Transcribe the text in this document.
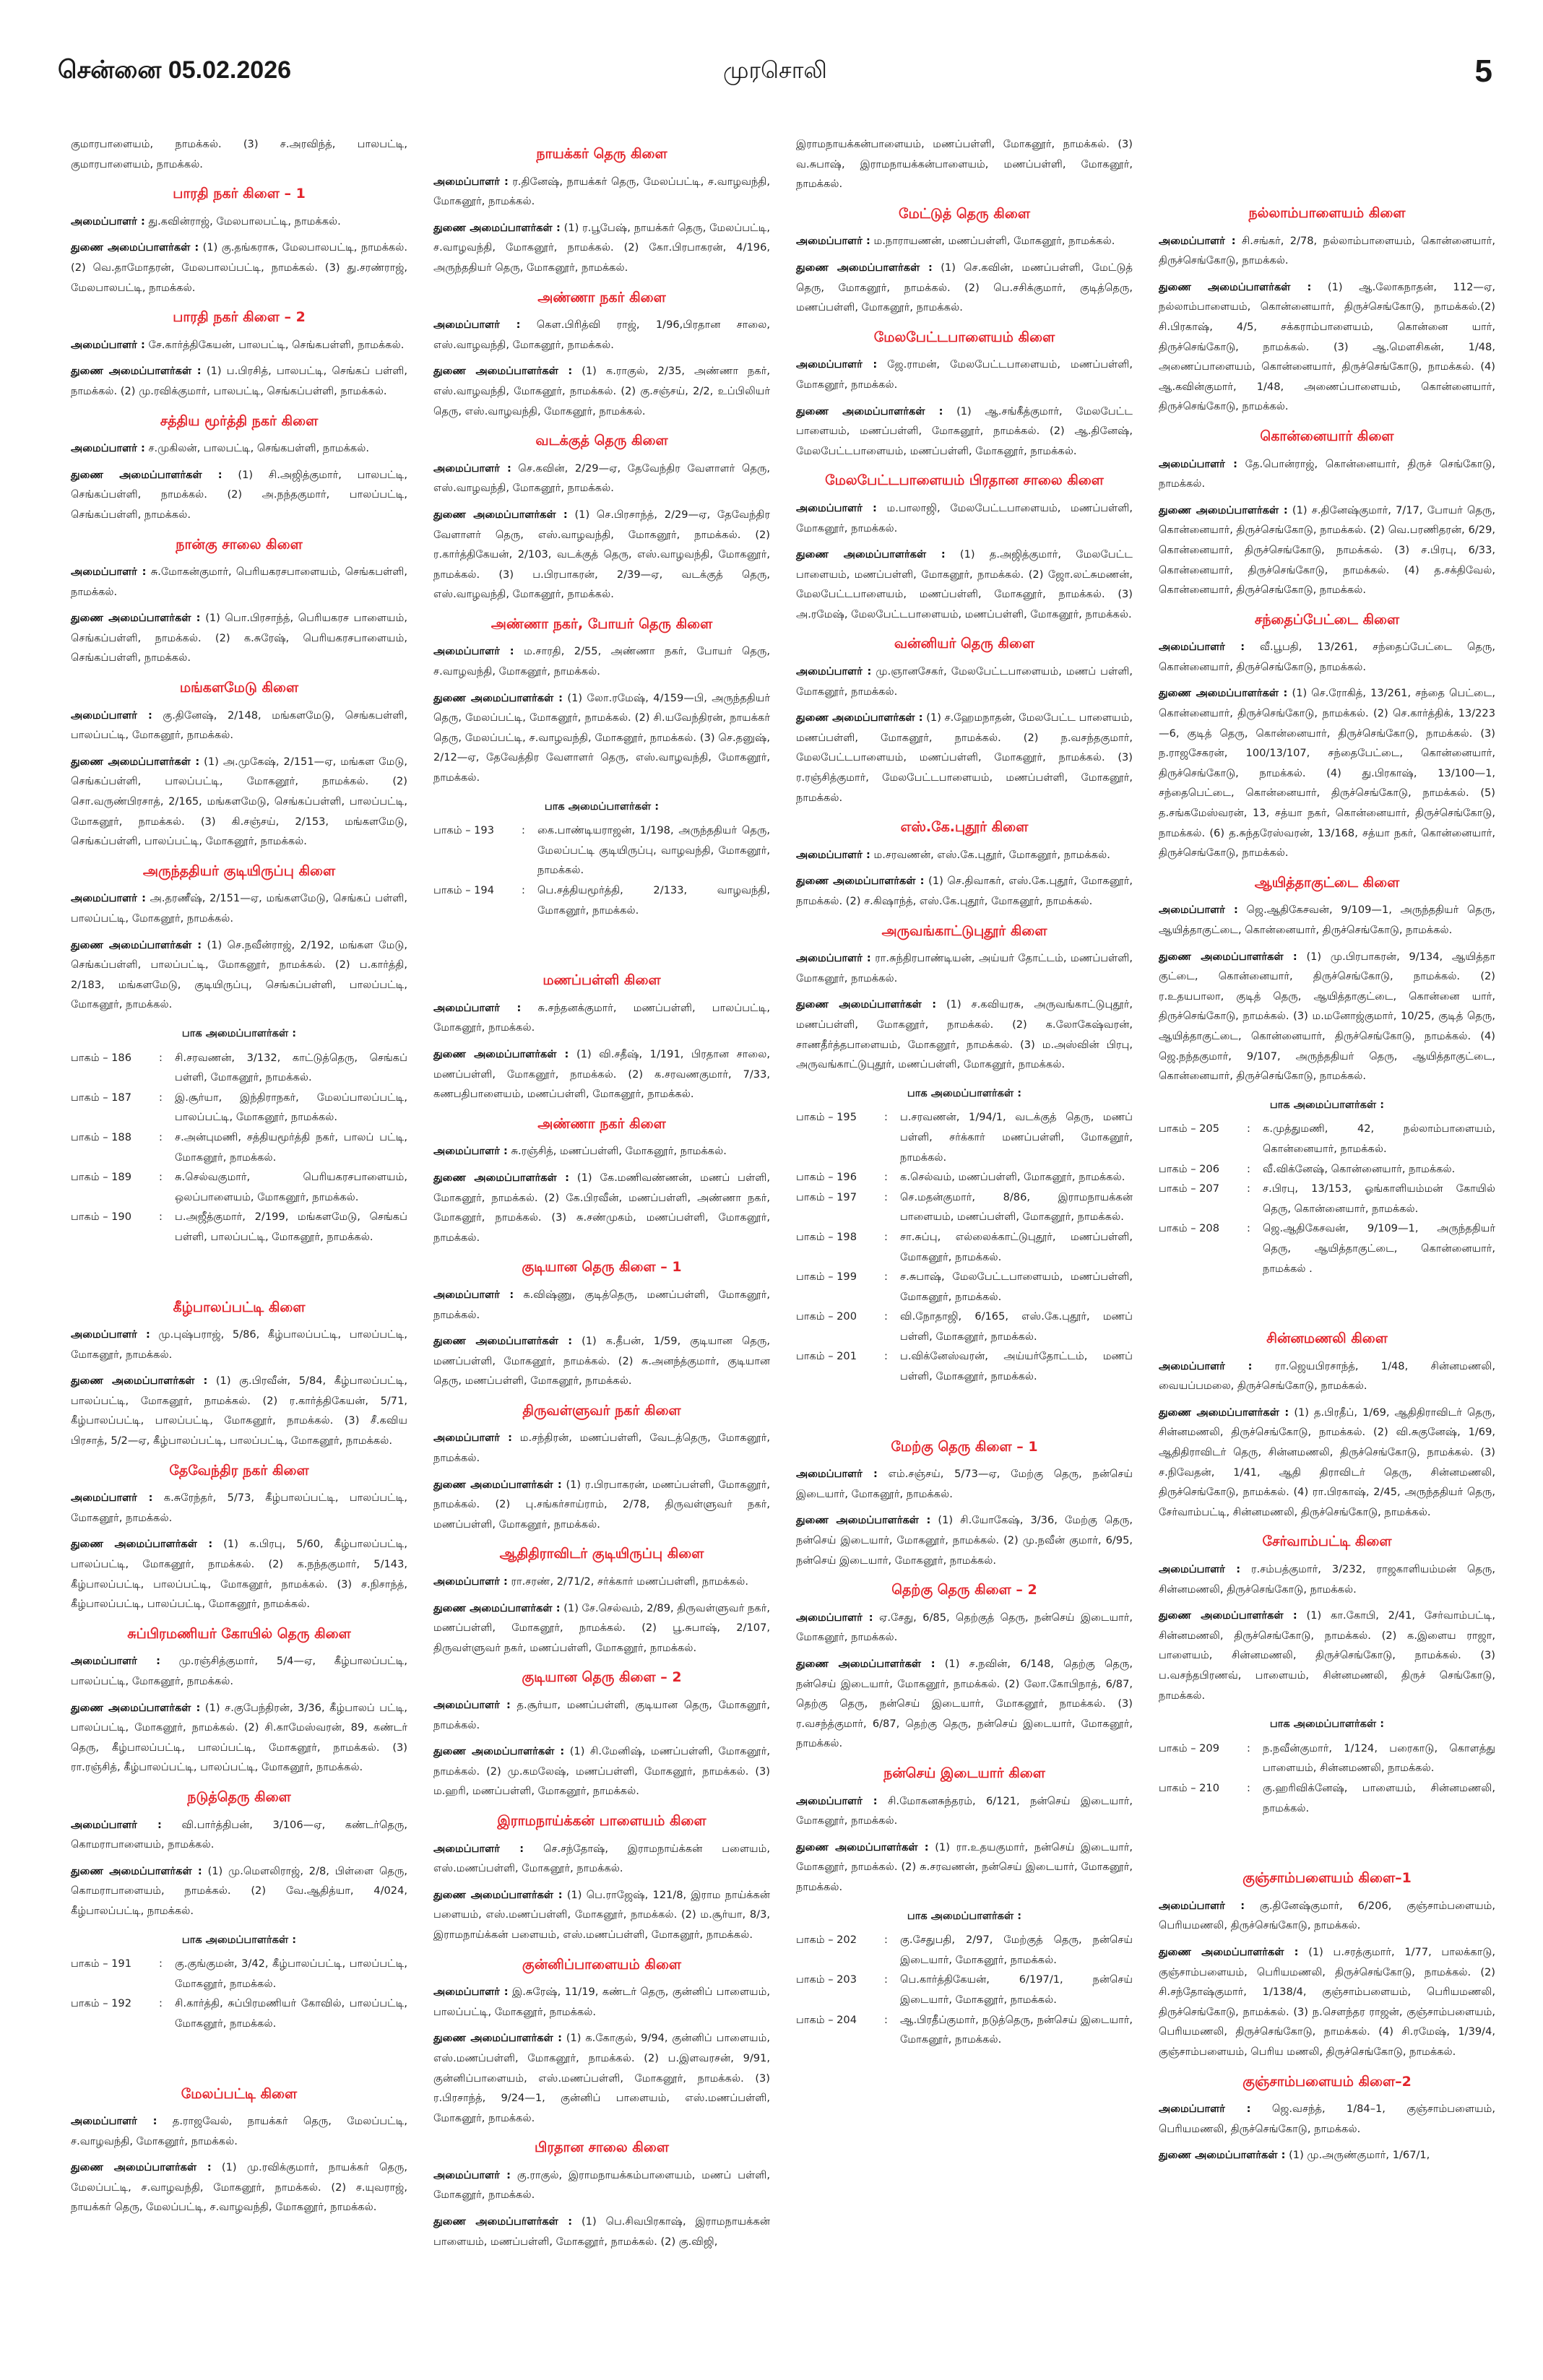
சென்னை 05.02.2026	முரசொலி	5

குமாரபாளையம், நாமக்கல். (3) ச.அரவிந்த், பாலபட்டி, குமாரபாளையம், நாமக்கல்.

பாரதி நகர் கிளை – 1

அமைப்பாளர் : து.கவின்ராஜ், மேலபாலபட்டி, நாமக்கல்.

துணை அமைப்பாளர்கள் : (1) கு.தங்கராசு, மேலபாலபட்டி, நாமக்கல். (2) வெ.தாமோதரன், மேலபாலப்பட்டி, நாமக்கல். (3) து.சரண்ராஜ், மேலபாலபட்டி, நாமக்கல்.

பாரதி நகர் கிளை – 2

அமைப்பாளர் : சே.கார்த்திகேயன், பாலபட்டி, செங்கபள்ளி, நாமக்கல்.

துணை அமைப்பாளர்கள் : (1) ப.பிரசித், பாலபட்டி, செங்கப் பள்ளி, நாமக்கல். (2) மு.ரவிக்குமார், பாலபட்டி, செங்கப்பள்ளி, நாமக்கல்.

சத்திய மூர்த்தி நகர் கிளை

அமைப்பாளர் : ச.முகிலன், பாலபட்டி, செங்கபள்ளி, நாமக்கல்.

துணை அமைப்பாளர்கள் : (1) சி.அஜித்குமார், பாலபட்டி, செங்கப்பள்ளி, நாமக்கல். (2) அ.நந்தகுமார், பாலப்பட்டி, செங்கப்பள்ளி, நாமக்கல்.

நான்கு சாலை கிளை

அமைப்பாளர் : சு.மோகன்குமார், பெரியகரசபாளையம், செங்கபள்ளி, நாமக்கல்.

துணை அமைப்பாளர்கள் : (1) பொ.பிரசாந்த், பெரியகரச பாளையம், செங்கப்பள்ளி, நாமக்கல். (2) க.சுரேஷ், பெரியகரசபாளையம், செங்கப்பள்ளி, நாமக்கல்.

மங்களமேடு கிளை

அமைப்பாளர் : கு.தினேஷ், 2/148, மங்களமேடு, செங்கபள்ளி, பாலப்பட்டி, மோகனூர், நாமக்கல்.

துணை அமைப்பாளர்கள் : (1) அ.முகேஷ், 2/151—ஏ, மங்கள மேடு, செங்கப்பள்ளி, பாலப்பட்டி, மோகனூர், நாமக்கல். (2) சொ.வருண்பிரசாத், 2/165, மங்களமேடு, செங்கப்பள்ளி, பாலப்பட்டி, மோகனூர், நாமக்கல். (3) கி.சஞ்சய், 2/153, மங்களமேடு, செங்கப்பள்ளி, பாலப்பட்டி, மோகனூர், நாமக்கல்.

அருந்ததியர் குடியிருப்பு கிளை

அமைப்பாளர் : அ.தரணீஷ், 2/151—ஏ, மங்களமேடு, செங்கப் பள்ளி, பாலப்பட்டி, மோகனூர், நாமக்கல்.

துணை அமைப்பாளர்கள் : (1) செ.நவீன்ராஜ், 2/192, மங்கள மேடு, செங்கப்பள்ளி, பாலப்பட்டி, மோகனூர், நாமக்கல். (2) ப.கார்த்தி, 2/183, மங்களமேடு, குடியிருப்பு, செங்கப்பள்ளி, பாலப்பட்டி, மோகனூர், நாமக்கல்.

பாக அமைப்பாளர்கள் :
பாகம் – 186	:	சி.சரவணன், 3/132, காட்டுத்தெரு, செங்கப் பள்ளி, மோகனூர், நாமக்கல்.
பாகம் – 187	:	இ.சூர்யா, இந்திராநகர், மேலப்பாலப்பட்டி, பாலப்பட்டி, மோகனூர், நாமக்கல்.
பாகம் – 188	:	ச.அன்புமணி, சத்தியமூர்த்தி நகர், பாலப் பட்டி, மோகனூர், நாமக்கல்.
பாகம் – 189	:	சு.செல்வகுமார், பெரியகரசபாளையம், ஒலப்பாளையம், மோகனூர், நாமக்கல்.
பாகம் – 190	:	ப.அஜீத்குமார், 2/199, மங்களமேடு, செங்கப் பள்ளி, பாலப்பட்டி, மோகனூர், நாமக்கல்.
கீழ்பாலப்பட்டி கிளை

அமைப்பாளர் : மு.புஷ்பராஜ், 5/86, கீழ்பாலப்பட்டி, பாலப்பட்டி, மோகனூர், நாமக்கல்.

துணை அமைப்பாளர்கள் : (1) கு.பிரவீன், 5/84, கீழ்பாலப்பட்டி, பாலப்பட்டி, மோகனூர், நாமக்கல். (2) ர.கார்த்திகேயன், 5/71, கீழ்பாலப்பட்டி, பாலப்பட்டி, மோகனூர், நாமக்கல். (3) சீ.கவிய பிரசாத், 5/2—ஏ, கீழ்பாலப்பட்டி, பாலப்பட்டி, மோகனூர், நாமக்கல்.

தேவேந்திர நகர் கிளை

அமைப்பாளர் : க.சுரேந்தர், 5/73, கீழ்பாலப்பட்டி, பாலப்பட்டி, மோகனூர், நாமக்கல்.

துணை அமைப்பாளர்கள் : (1) க.பிரபு, 5/60, கீழ்பாலப்பட்டி, பாலப்பட்டி, மோகனூர், நாமக்கல். (2) க.நந்தகுமார், 5/143, கீழ்பாலப்பட்டி, பாலப்பட்டி, மோகனூர், நாமக்கல். (3) ச.நிசாந்த், கீழ்பாலப்பட்டி, பாலப்பட்டி, மோகனூர், நாமக்கல்.

சுப்பிரமணியர் கோயில் தெரு கிளை

அமைப்பாளர் : மு.ரஞ்சித்குமார், 5/4—ஏ, கீழ்பாலப்பட்டி, பாலப்பட்டி, மோகனூர், நாமக்கல்.

துணை அமைப்பாளர்கள் : (1) ச.குபேந்திரன், 3/36, கீழ்பாலப் பட்டி, பாலப்பட்டி, மோகனூர், நாமக்கல். (2) சி.காமேஸ்வரன், 89, கண்டர் தெரு, கீழ்பாலப்பட்டி, பாலப்பட்டி, மோகனூர், நாமக்கல். (3) ரா.ரஞ்சித், கீழ்பாலப்பட்டி, பாலப்பட்டி, மோகனூர், நாமக்கல்.

நடுத்தெரு கிளை

அமைப்பாளர் : வி.பார்த்திபன், 3/106—ஏ, கண்டர்தெரு, கொமராபாளையம், நாமக்கல்.

துணை அமைப்பாளர்கள் : (1) மு.மௌலிராஜ், 2/8, பிள்ளை தெரு, கொமராபாளையம், நாமக்கல். (2) வே.ஆதித்யா, 4/024, கீழ்பாலப்பட்டி, நாமக்கல்.

பாக அமைப்பாளர்கள் :
பாகம் – 191	:	கு.குங்குமன், 3/42, கீழ்பாலப்பட்டி, பாலப்பட்டி, மோகனூர், நாமக்கல்.
பாகம் – 192	:	சி.கார்த்தி, சுப்பிரமணியர் கோவில், பாலப்பட்டி, மோகனூர், நாமக்கல்.
மேலப்பட்டி கிளை

அமைப்பாளர் : த.ராஜவேல், நாயக்கர் தெரு, மேலப்பட்டி, ச.வாழவந்தி, மோகனூர், நாமக்கல்.

துணை அமைப்பாளர்கள் : (1) மு.ரவிக்குமார், நாயக்கர் தெரு, மேலப்பட்டி, ச.வாழவந்தி, மோகனூர், நாமக்கல். (2) ச.யுவராஜ், நாயக்கர் தெரு, மேலப்பட்டி, ச.வாழவந்தி, மோகனூர், நாமக்கல்.

நாயக்கர் தெரு கிளை

அமைப்பாளர் : ர.தினேஷ், நாயக்கர் தெரு, மேலப்பட்டி, ச.வாழவந்தி, மோகனூர், நாமக்கல்.

துணை அமைப்பாளர்கள் : (1) ர.பூபேஷ், நாயக்கர் தெரு, மேலப்பட்டி, ச.வாழவந்தி, மோகனூர், நாமக்கல். (2) கோ.பிரபாகரன், 4/196, அருந்ததியர் தெரு, மோகனூர், நாமக்கல்.

அண்ணா நகர் கிளை

அமைப்பாளர் : கௌ.பிரித்வி ராஜ், 1/96,பிரதான சாலை, எஸ்.வாழவந்தி, மோகனூர், நாமக்கல்.

துணை அமைப்பாளர்கள் : (1) க.ராகுல், 2/35, அண்ணா நகர், எஸ்.வாழவந்தி, மோகனூர், நாமக்கல். (2) கு.சஞ்சய், 2/2, உப்பிலியர் தெரு, எஸ்.வாழவந்தி, மோகனூர், நாமக்கல்.

வடக்குத் தெரு கிளை

அமைப்பாளர் : செ.கவின், 2/29—ஏ, தேவேந்திர வேளாளர் தெரு, எஸ்.வாழவந்தி, மோகனூர், நாமக்கல்.

துணை அமைப்பாளர்கள் : (1) செ.பிரசாந்த், 2/29—ஏ, தேவேந்திர வேளாளர் தெரு, எஸ்.வாழவந்தி, மோகனூர், நாமக்கல். (2) ர.கார்த்திகேயன், 2/103, வடக்குத் தெரு, எஸ்.வாழவந்தி, மோகனூர், நாமக்கல். (3) ப.பிரபாகரன், 2/39—ஏ, வடக்குத் தெரு, எஸ்.வாழவந்தி, மோகனூர், நாமக்கல்.

அண்ணா நகர், போயர் தெரு கிளை

அமைப்பாளர் : ம.சாரதி, 2/55, அண்ணா நகர், போயர் தெரு, ச.வாழவந்தி, மோகனூர், நாமக்கல்.

துணை அமைப்பாளர்கள் : (1) லோ.ரமேஷ், 4/159—பி, அருந்ததியர் தெரு, மேலப்பட்டி, மோகனூர், நாமக்கல். (2) சி.யவேந்திரன், நாயக்கர் தெரு, மேலப்பட்டி, ச.வாழவந்தி, மோகனூர், நாமக்கல். (3) செ.தனுஷ், 2/12—ஏ, தேவேத்திர வேளாளர் தெரு, எஸ்.வாழவந்தி, மோகனூர், நாமக்கல்.

பாக அமைப்பாளர்கள் :
பாகம் – 193	:	கை.பாண்டியராஜன், 1/198, அருந்ததியர் தெரு, மேலப்பட்டி குடியிருப்பு, வாழவந்தி, மோகனூர், நாமக்கல்.
பாகம் – 194	:	பெ.சத்தியமூர்த்தி, 2/133, வாழவந்தி, மோகனூர், நாமக்கல்.
மணப்பள்ளி கிளை

அமைப்பாளர் : சு.சந்தனக்குமார், மணப்பள்ளி, பாலப்பட்டி, மோகனூர், நாமக்கல்.

துணை அமைப்பாளர்கள் : (1) வி.சதீஷ், 1/191, பிரதான சாலை, மணப்பள்ளி, மோகனூர், நாமக்கல். (2) க.சரவணகுமார், 7/33, கணபதிபாளையம், மணப்பள்ளி, மோகனூர், நாமக்கல்.

அண்ணா நகர் கிளை

அமைப்பாளர் : சு.ரஞ்சித், மணப்பள்ளி, மோகனூர், நாமக்கல்.

துணை அமைப்பாளர்கள் : (1) கே.மணிவண்ணன், மணப் பள்ளி, மோகனூர், நாமக்கல். (2) கே.பிரவீன், மணப்பள்ளி, அண்ணா நகர், மோகனூர், நாமக்கல். (3) சு.சண்முகம், மணப்பள்ளி, மோகனூர், நாமக்கல்.

குடியான தெரு கிளை – 1

அமைப்பாளர் : க.விஷ்ணு, குடித்தெரு, மணப்பள்ளி, மோகனூர், நாமக்கல்.

துணை அமைப்பாளர்கள் : (1) க.தீபன், 1/59, குடியான தெரு, மணப்பள்ளி, மோகனூர், நாமக்கல். (2) சு.அனந்த்குமார், குடியான தெரு, மணப்பள்ளி, மோகனூர், நாமக்கல்.

திருவள்ளுவர் நகர் கிளை

அமைப்பாளர் : ம.சந்திரன், மணப்பள்ளி, வேடத்தெரு, மோகனூர், நாமக்கல்.

துணை அமைப்பாளர்கள் : (1) ர.பிரபாகரன், மணப்பள்ளி, மோகனூர், நாமக்கல். (2) பு.சங்கர்சாய்ராம், 2/78, திருவள்ளுவர் நகர், மணப்பள்ளி, மோகனூர், நாமக்கல்.

ஆதிதிராவிடர் குடியிருப்பு கிளை

அமைப்பாளர் : ரா.சரண், 2/71/2, சர்க்கார் மணப்பள்ளி, நாமக்கல்.

துணை அமைப்பாளர்கள் : (1) சே.செல்வம், 2/89, திருவள்ளுவர் நகர், மணப்பள்ளி, மோகனூர், நாமக்கல். (2) பூ.சுபாஷ், 2/107, திருவள்ளுவர் நகர், மணப்பள்ளி, மோகனூர், நாமக்கல்.

குடியான தெரு கிளை – 2

அமைப்பாளர் : த.சூர்யா, மணப்பள்ளி, குடியான தெரு, மோகனூர், நாமக்கல்.

துணை அமைப்பாளர்கள் : (1) சி.மேனிஷ், மணப்பள்ளி, மோகனூர், நாமக்கல். (2) மு.கமலேஷ், மணப்பள்ளி, மோகனூர், நாமக்கல். (3) ம.ஹரி, மணப்பள்ளி, மோகனூர், நாமக்கல்.

இராமநாய்க்கன் பாளையம் கிளை

அமைப்பாளர் : செ.சந்தோஷ், இராமநாய்க்கன் பளையம், எஸ்.மணப்பள்ளி, மோகனூர், நாமக்கல்.

துணை அமைப்பாளர்கள் : (1) பெ.ராஜேஷ், 121/8, இராம நாய்க்கன் பளையம், எஸ்.மணப்பள்ளி, மோகனூர், நாமக்கல். (2) ம.சூர்யா, 8/3, இராமநாய்க்கன் பளையம், எஸ்.மணப்பள்ளி, மோகனூர், நாமக்கல்.

குன்னிப்பாளையம் கிளை

அமைப்பாளர் : இ.சுரேஷ், 11/19, கண்டர் தெரு, குன்னிப் பாளையம், பாலப்பட்டி, மோகனூர், நாமக்கல்.

துணை அமைப்பாளர்கள் : (1) க.கோகுல், 9/94, குன்னிப் பாளையம், எஸ்.மணப்பள்ளி, மோகனூர், நாமக்கல். (2) ப.இளவரசன், 9/91, குன்னிப்பாளையம், எஸ்.மணப்பள்ளி, மோகனூர், நாமக்கல். (3) ர.பிரசாந்த், 9/24—1, குன்னிப் பாளையம், எஸ்.மணப்பள்ளி, மோகனூர், நாமக்கல்.

பிரதான சாலை கிளை

அமைப்பாளர் : கு.ராகுல், இராமநாயக்கம்பாளையம், மணப் பள்ளி, மோகனூர், நாமக்கல்.

துணை அமைப்பாளர்கள் : (1) பெ.சிவபிரகாஷ், இராமநாயக்கன் பாளையம், மணப்பள்ளி, மோகனூர், நாமக்கல். (2) கு.விஜி,

இராமநாயக்கன்பாளையம், மணப்பள்ளி, மோகனூர், நாமக்கல். (3) வ.சுபாஷ், இராமநாயக்கன்பாளையம், மணப்பள்ளி, மோகனூர், நாமக்கல்.

மேட்டுத் தெரு கிளை

அமைப்பாளர் : ம.நாராயணன், மணப்பள்ளி, மோகனூர், நாமக்கல்.

துணை அமைப்பாளர்கள் : (1) செ.கவின், மணப்பள்ளி, மேட்டுத் தெரு, மோகனூர், நாமக்கல். (2) பெ.சசிக்குமார், குடித்தெரு, மணப்பள்ளி, மோகனூர், நாமக்கல்.

மேலபேட்டபாளையம் கிளை

அமைப்பாளர் : ஜே.ராமன், மேலபேட்டபாளையம், மணப்பள்ளி, மோகனூர், நாமக்கல்.

துணை அமைப்பாளர்கள் : (1) ஆ.சங்கீத்குமார், மேலபேட்ட பாளையம், மணப்பள்ளி, மோகனூர், நாமக்கல். (2) ஆ.தினேஷ், மேலபேட்டபாளையம், மணப்பள்ளி, மோகனூர், நாமக்கல்.

மேலபேட்டபாளையம் பிரதான சாலை கிளை

அமைப்பாளர் : ம.பாலாஜி, மேலபேட்டபாளையம், மணப்பள்ளி, மோகனூர், நாமக்கல்.

துணை அமைப்பாளர்கள் : (1) த.அஜித்குமார், மேலபேட்ட பாளையம், மணப்பள்ளி, மோகனூர், நாமக்கல். (2) ஜோ.லட்சுமணன், மேலபேட்டபாளையம், மணப்பள்ளி, மோகனூர், நாமக்கல். (3) அ.ரமேஷ், மேலபேட்டபாளையம், மணப்பள்ளி, மோகனூர், நாமக்கல்.

வன்னியர் தெரு கிளை

அமைப்பாளர் : மு.ஞானசேகர், மேலபேட்டபாளையம், மணப் பள்ளி, மோகனூர், நாமக்கல்.

துணை அமைப்பாளர்கள் : (1) ச.ஹேமநாதன், மேலபேட்ட பாளையம், மணப்பள்ளி, மோகனூர், நாமக்கல். (2) ந.வசந்தகுமார், மேலபேட்டபாளையம், மணப்பள்ளி, மோகனூர், நாமக்கல். (3) ர.ரஞ்சித்குமார், மேலபேட்டபாளையம், மணப்பள்ளி, மோகனூர், நாமக்கல்.

எஸ்.கே.புதூர் கிளை

அமைப்பாளர் : ம.சரவணன், எஸ்.கே.புதூர், மோகனூர், நாமக்கல்.

துணை அமைப்பாளர்கள் : (1) செ.திவாகர், எஸ்.கே.புதூர், மோகனூர், நாமக்கல். (2) ச.கிஷாந்த், எஸ்.கே.புதூர், மோகனூர், நாமக்கல்.

அருவங்காட்டுபுதூர் கிளை

அமைப்பாளர் : ரா.சுந்திரபாண்டியன், அய்யர் தோட்டம், மணப்பள்ளி, மோகனூர், நாமக்கல்.

துணை அமைப்பாளர்கள் : (1) ச.கவியரசு, அருவங்காட்டுபுதூர், மணப்பள்ளி, மோகனூர், நாமக்கல். (2) க.லோகேஷ்வரன், சாணதீர்த்தபாளையம், மோகனூர், நாமக்கல். (3) ம.அஸ்வின் பிரபு, அருவங்காட்டுபுதூர், மணப்பள்ளி, மோகனூர், நாமக்கல்.

பாக அமைப்பாளர்கள் :
பாகம் – 195	:	ப.சரவணன், 1/94/1, வடக்குத் தெரு, மணப் பள்ளி, சர்க்கார் மணப்பள்ளி, மோகனூர், நாமக்கல்.
பாகம் – 196	:	க.செல்வம், மணப்பள்ளி, மோகனூர், நாமக்கல்.
பாகம் – 197	:	செ.மதன்குமார், 8/86, இராமநாயக்கன் பாளையம், மணப்பள்ளி, மோகனூர், நாமக்கல்.
பாகம் – 198	:	சா.சுப்பு, எல்லைக்காட்டுபுதூர், மணப்பள்ளி, மோகனூர், நாமக்கல்.
பாகம் – 199	:	ச.சுபாஷ், மேலபேட்டபாளையம், மணப்பள்ளி, மோகனூர், நாமக்கல்.
பாகம் – 200	:	வி.நோதாஜி, 6/165, எஸ்.கே.புதூர், மணப் பள்ளி, மோகனூர், நாமக்கல்.
பாகம் – 201	:	ப.விக்னேஸ்வரன், அய்யர்தோட்டம், மணப் பள்ளி, மோகனூர், நாமக்கல்.
மேற்கு தெரு கிளை – 1

அமைப்பாளர் : எம்.சஞ்சய், 5/73—ஏ, மேற்கு தெரு, நன்செய் இடையார், மோகனூர், நாமக்கல்.

துணை அமைப்பாளர்கள் : (1) சி.யோகேஷ், 3/36, மேற்கு தெரு, நன்செய் இடையார், மோகனூர், நாமக்கல். (2) மு.நவீன் குமார், 6/95, நன்செய் இடையார், மோகனூர், நாமக்கல்.

தெற்கு தெரு கிளை – 2

அமைப்பாளர் : ஏ.சேது, 6/85, தெற்குத் தெரு, நன்செய் இடையார், மோகனூர், நாமக்கல்.

துணை அமைப்பாளர்கள் : (1) ச.நவின், 6/148, தெற்கு தெரு, நன்செய் இடையார், மோகனூர், நாமக்கல். (2) லோ.கோபிநாத், 6/87, தெற்கு தெரு, நன்செய் இடையார், மோகனூர், நாமக்கல். (3) ர.வசந்த்குமார், 6/87, தெற்கு தெரு, நன்செய் இடையார், மோகனூர், நாமக்கல்.

நன்செய் இடையார் கிளை

அமைப்பாளர் : சி.மோகனசுந்தரம், 6/121, நன்செய் இடையார், மோகனூர், நாமக்கல்.

துணை அமைப்பாளர்கள் : (1) ரா.உதயகுமார், நன்செய் இடையார், மோகனூர், நாமக்கல். (2) சு.சரவணன், நன்செய் இடையார், மோகனூர், நாமக்கல்.

பாக அமைப்பாளர்கள் :
பாகம் – 202	:	கு.சேதுபதி, 2/97, மேற்குத் தெரு, நன்செய் இடையார், மோகனூர், நாமக்கல்.
பாகம் – 203	:	பெ.கார்த்திகேயன், 6/197/1, நன்செய் இடையார், மோகனூர், நாமக்கல்.
பாகம் – 204	:	ஆ.பிரதீப்குமார், நடுத்தெரு, நன்செய் இடையார், மோகனூர், நாமக்கல்.
நல்லாம்பாளையம் கிளை

அமைப்பாளர் : சி.சங்கர், 2/78, நல்லாம்பாளையம், கொன்னையார், திருச்செங்கோடு, நாமக்கல்.

துணை அமைப்பாளர்கள் : (1) ஆ.லோகநாதன், 112—ஏ, நல்லாம்பாளையம், கொன்னையார், திருச்செங்கோடு, நாமக்கல்.(2) சி.பிரகாஷ், 4/5, சக்கராம்பாளையம், கொன்னை யார், திருச்செங்கோடு, நாமக்கல். (3) ஆ.மௌசிகன், 1/48, அணைப்பாளையம், கொன்னையார், திருச்செங்கோடு, நாமக்கல். (4) ஆ.கவின்குமார், 1/48, அணைப்பாளையம், கொன்னையார், திருச்செங்கோடு, நாமக்கல்.

கொன்னையார் கிளை

அமைப்பாளர் : தே.பொன்ராஜ், கொன்னையார், திருச் செங்கோடு, நாமக்கல்.

துணை அமைப்பாளர்கள் : (1) ச.தினேஷ்குமார், 7/17, போயர் தெரு, கொன்னையார், திருச்செங்கோடு, நாமக்கல். (2) வெ.பரணிதரன், 6/29, கொன்னையார், திருச்செங்கோடு, நாமக்கல். (3) ச.பிரபு, 6/33, கொன்னையார், திருச்செங்கோடு, நாமக்கல். (4) த.சக்திவேல், கொன்னையார், திருச்செங்கோடு, நாமக்கல்.

சந்தைப்பேட்டை கிளை

அமைப்பாளர் : வீ.பூபதி, 13/261, சந்தைப்பேட்டை தெரு, கொன்னையார், திருச்செங்கோடு, நாமக்கல்.

துணை அமைப்பாளர்கள் : (1) செ.ரோகித், 13/261, சந்தை பெட்டை, கொன்னையார், திருச்செங்கோடு, நாமக்கல். (2) செ.கார்த்திக், 13/223—6, குடித் தெரு, கொன்னையார், திருச்செங்கோடு, நாமக்கல். (3) ந.ராஜசேகரன், 100/13/107, சந்தைபேட்டை, கொன்னையார், திருச்செங்கோடு, நாமக்கல். (4) து.பிரகாஷ், 13/100—1, சந்தைபெட்டை, கொன்னையார், திருச்செங்கோடு, நாமக்கல். (5) த.சங்கமேஸ்வரன், 13, சத்யா நகர், கொன்னையார், திருச்செங்கோடு, நாமக்கல். (6) த.சுந்தரேஸ்வரன், 13/168, சத்யா நகர், கொன்னையார், திருச்செங்கோடு, நாமக்கல்.

ஆயித்தாகுட்டை கிளை

அமைப்பாளர் : ஜெ.ஆதிகேசவன், 9/109—1, அருந்ததியர் தெரு, ஆயித்தாகுட்டை, கொன்னையார், திருச்செங்கோடு, நாமக்கல்.

துணை அமைப்பாளர்கள் : (1) மு.பிரபாகரன், 9/134, ஆயித்தா குட்டை, கொன்னையார், திருச்செங்கோடு, நாமக்கல். (2) ர.உதயபாலா, குடித் தெரு, ஆயித்தாகுட்டை, கொன்னை யார், திருச்செங்கோடு, நாமக்கல். (3) ம.மனோஜ்குமார், 10/25, குடித் தெரு, ஆயித்தாகுட்டை, கொன்னையார், திருச்செங்கோடு, நாமக்கல். (4) ஜெ.நந்தகுமார், 9/107, அருந்ததியர் தெரு, ஆயித்தாகுட்டை, கொன்னையார், திருச்செங்கோடு, நாமக்கல்.

பாக அமைப்பாளர்கள் :
பாகம் – 205	:	க.முத்துமணி, 42, நல்லாம்பாளையம், கொன்னையார், நாமக்கல்.
பாகம் – 206	:	வீ.விக்னேஷ், கொன்னையார், நாமக்கல்.
பாகம் – 207	:	ச.பிரபு, 13/153, ஓங்காளியம்மன் கோயில் தெரு, கொன்னையார், நாமக்கல்.
பாகம் – 208	:	ஜெ.ஆதிகேசவன், 9/109—1, அருந்ததியர் தெரு, ஆயித்தாகுட்டை, கொன்னையார், நாமக்கல் .
சின்னமணலி கிளை

அமைப்பாளர் : ரா.ஜெயபிரசாந்த், 1/48, சின்னமணலி, வையப்பமலை, திருச்செங்கோடு, நாமக்கல்.

துணை அமைப்பாளர்கள் : (1) த.பிரதீப், 1/69, ஆதிதிராவிடர் தெரு, சின்னமணலி, திருச்செங்கோடு, நாமக்கல். (2) வி.சுகுனேஷ், 1/69, ஆதிதிராவிடர் தெரு, சின்னமணலி, திருச்செங்கோடு, நாமக்கல். (3) ச.நிவேதன், 1/41, ஆதி திராவிடர் தெரு, சின்னமணலி, திருச்செங்கோடு, நாமக்கல். (4) ரா.பிரகாஷ், 2/45, அருந்ததியர் தெரு, சேர்வாம்பட்டி, சின்னமணலி, திருச்செங்கோடு, நாமக்கல்.

சேர்வாம்பட்டி கிளை

அமைப்பாளர் : ர.சம்பத்குமார், 3/232, ராஜகாளியம்மன் தெரு, சின்னமணலி, திருச்செங்கோடு, நாமக்கல்.

துணை அமைப்பாளர்கள் : (1) கா.கோபி, 2/41, சேர்வாம்பட்டி, சின்னமணலி, திருச்செங்கோடு, நாமக்கல். (2) க.இளைய ராஜா, பாளையம், சின்னமணலி, திருச்செங்கோடு, நாமக்கல். (3) ப.வசந்தபிரணவ், பாளையம், சின்னமணலி, திருச் செங்கோடு, நாமக்கல்.

பாக அமைப்பாளர்கள் :
பாகம் – 209	:	ந.நவீன்குமார், 1/124, பரைகாடு, கொளத்து பாளையம், சின்னமணலி, நாமக்கல்.
பாகம் – 210	:	கு.ஹரிவிக்னேஷ், பாளையம், சின்னமணலி, நாமக்கல்.
குஞ்சாம்பளையம் கிளை–1

அமைப்பாளர் : கு.தினேஷ்குமார், 6/206, குஞ்சாம்பளையம், பெரியமணலி, திருச்செங்கோடு, நாமக்கல்.

துணை அமைப்பாளர்கள் : (1) ப.சரத்குமார், 1/77, பாலக்காடு, குஞ்சாம்பளையம், பெரியமணலி, திருச்செங்கோடு, நாமக்கல். (2) சி.சந்தோஷ்குமார், 1/138/4, குஞ்சாம்பளையம், பெரியமணலி, திருச்செங்கோடு, நாமக்கல். (3) ந.சௌந்தர ராஜன், குஞ்சாம்பளையம், பெரியமணலி, திருச்செங்கோடு, நாமக்கல். (4) சி.ரமேஷ், 1/39/4, குஞ்சாம்பளையம், பெரிய மணலி, திருச்செங்கோடு, நாமக்கல்.

குஞ்சாம்பளையம் கிளை–2

அமைப்பாளர் : ஜெ.வசந்த், 1/84–1, குஞ்சாம்பளையம், பெரியமணலி, திருச்செங்கோடு, நாமக்கல்.

துணை அமைப்பாளர்கள் : (1) மு.அருண்குமார், 1/67/1,
